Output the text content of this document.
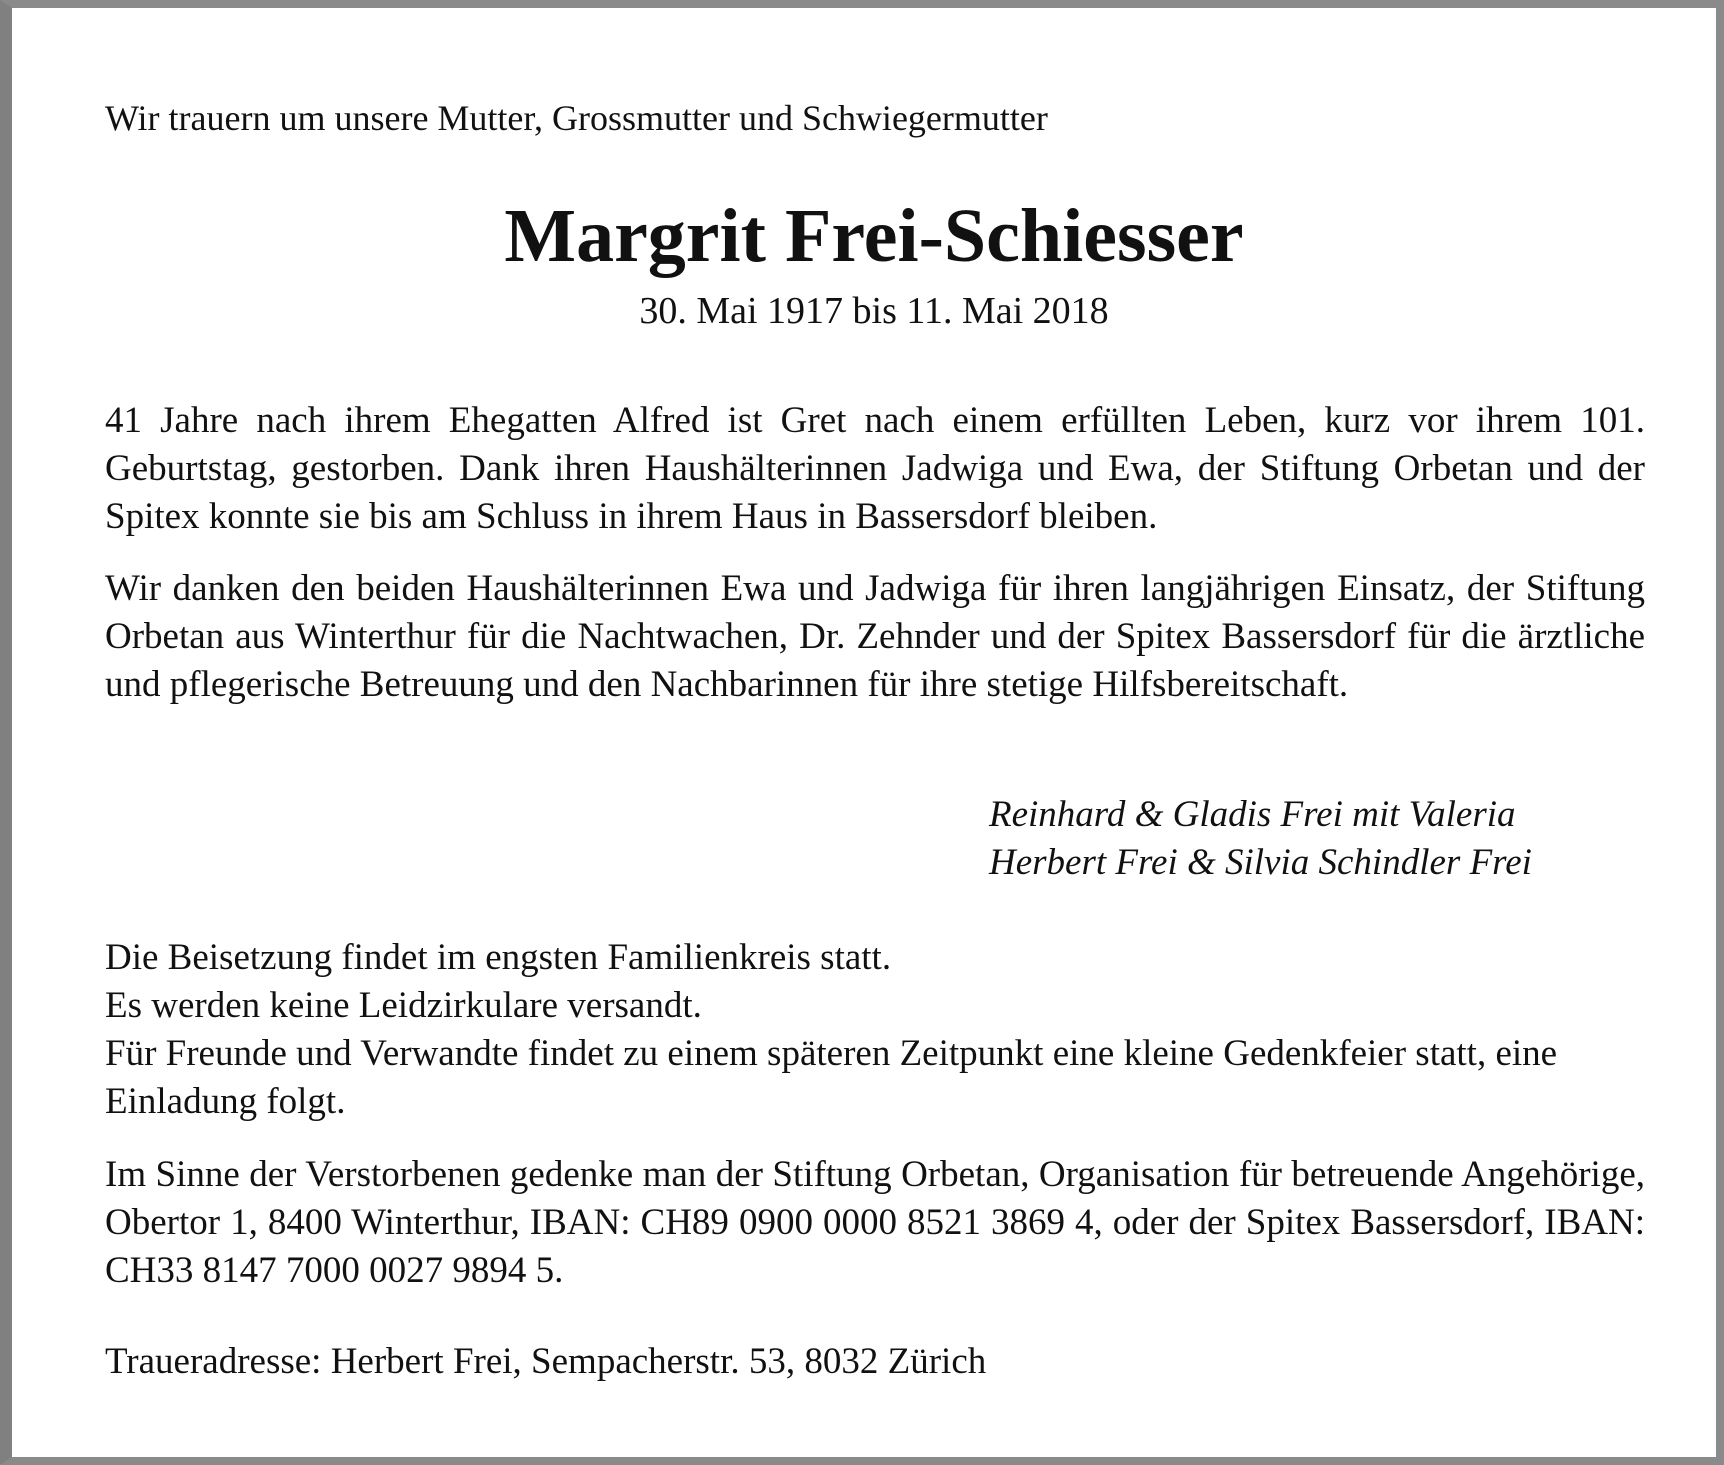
Wir trauern um unsere Mutter, Grossmutter und Schwiegermutter
Margrit Frei-Schiesser
30. Mai 1917 bis 11. Mai 2018
41 Jahre nach ihrem Ehegatten Alfred ist Gret nach einem erfüllten Leben, kurz vor ihrem 101. Geburtstag, gestorben. Dank ihren Haushälterinnen Jadwiga und Ewa, der Stiftung Orbetan und der Spitex konnte sie bis am Schluss in ihrem Haus in Bassersdorf bleiben.
Wir danken den beiden Haushälterinnen Ewa und Jadwiga für ihren langjährigen Einsatz, der Stiftung Orbetan aus Winterthur für die Nachtwachen, Dr. Zehnder und der Spitex Bassersdorf für die ärztliche und pflegerische Betreuung und den Nachbarinnen für ihre stetige Hilfsbereitschaft.
Reinhard & Gladis Frei mit Valeria
Herbert Frei & Silvia Schindler Frei
Die Beisetzung findet im engsten Familienkreis statt.
Es werden keine Leidzirkulare versandt.
Für Freunde und Verwandte findet zu einem späteren Zeitpunkt eine kleine Gedenkfeier statt, eine Einladung folgt.
Im Sinne der Verstorbenen gedenke man der Stiftung Orbetan, Organisation für betreuende Angehörige, Obertor 1, 8400 Winterthur, IBAN: CH89 0900 0000 8521 3869 4, oder der Spitex Bassersdorf, IBAN: CH33 8147 7000 0027 9894 5.
Traueradresse: Herbert Frei, Sempacherstr. 53, 8032 Zürich
